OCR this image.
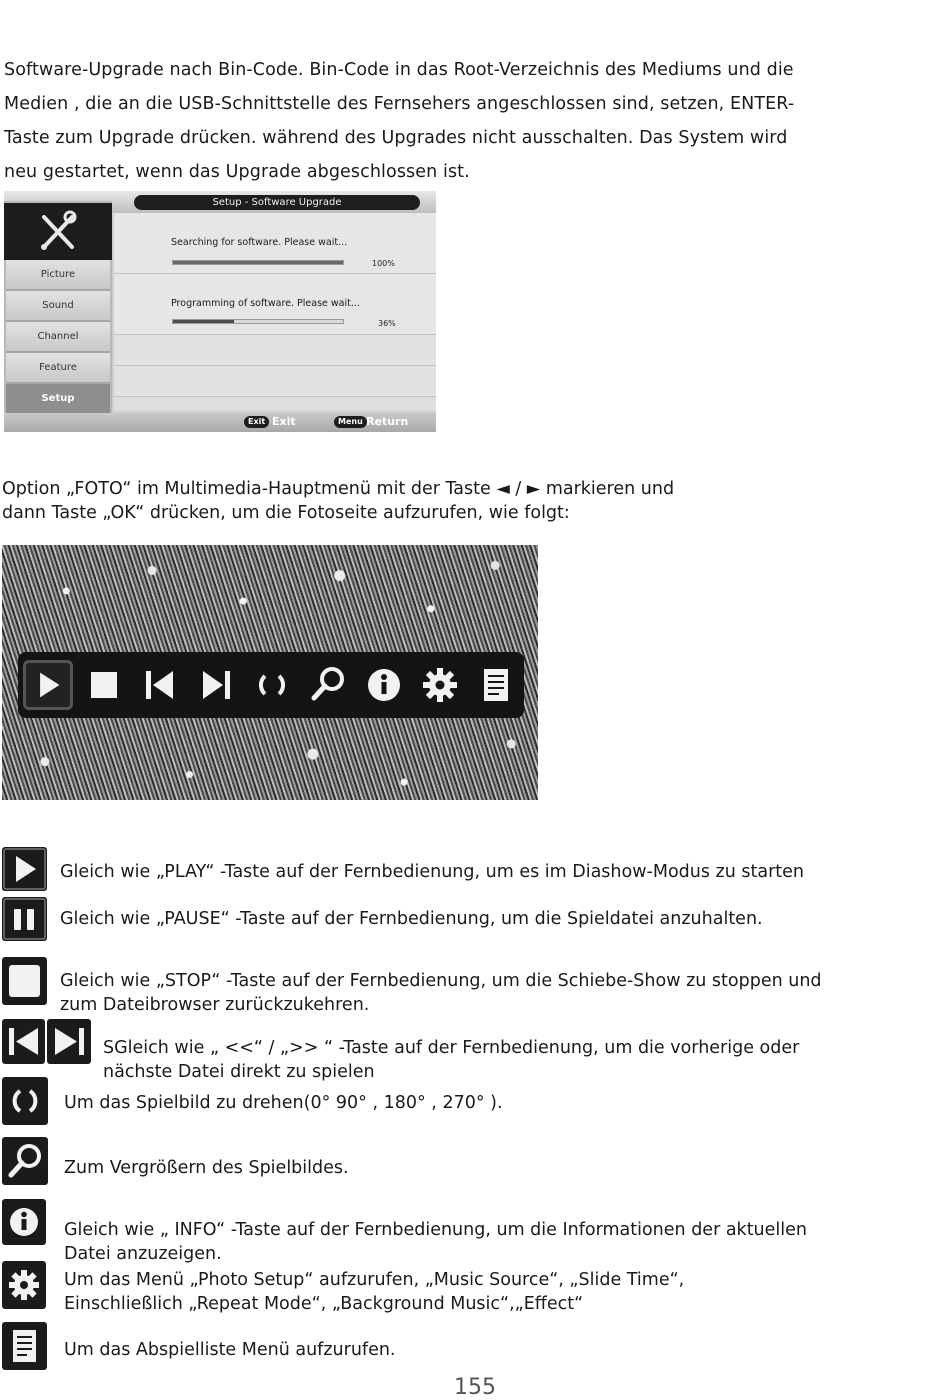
Software-Upgrade nach Bin-Code. Bin-Code in das Root-Verzeichnis des Mediums und die
Medien , die an die USB-Schnittstelle des Fernsehers angeschlossen sind, setzen, ENTER-
Taste zum Upgrade drücken. während des Upgrades nicht ausschalten. Das System wird
neu gestartet, wenn das Upgrade abgeschlossen ist.
Setup - Software Upgrade
Picture
Sound
Channel
Feature
Setup
Searching for software. Please wait...
100%
Programming of software. Please wait...
36%
Exit Exit	Menu Return
Option „FOTO“ im Multimedia-Hauptmenü mit der Taste ◄ / ► markieren und
dann Taste „OK“ drücken, um die Fotoseite aufzurufen, wie folgt:
Gleich wie „PLAY“ -Taste auf der Fernbedienung, um es im Diashow-Modus zu starten
Gleich wie „PAUSE“ -Taste auf der Fernbedienung, um die Spieldatei anzuhalten.
Gleich wie „STOP“ -Taste auf der Fernbedienung, um die Schiebe-Show zu stoppen und
zum Dateibrowser zurückzukehren.
SGleich wie „ <<“ / „>> “ -Taste auf der Fernbedienung, um die vorherige oder
nächste Datei direkt zu spielen
Um das Spielbild zu drehen(0° 90° , 180° , 270° ).
Zum Vergrößern des Spielbildes.
Gleich wie „ INFO“ -Taste auf der Fernbedienung, um die Informationen der aktuellen
Datei anzuzeigen.
Um das Menü „Photo Setup“ aufzurufen, „Music Source“, „Slide Time“,
Einschließlich „Repeat Mode“, „Background Music“,„Effect“
Um das Abspielliste Menü aufzurufen.
155
